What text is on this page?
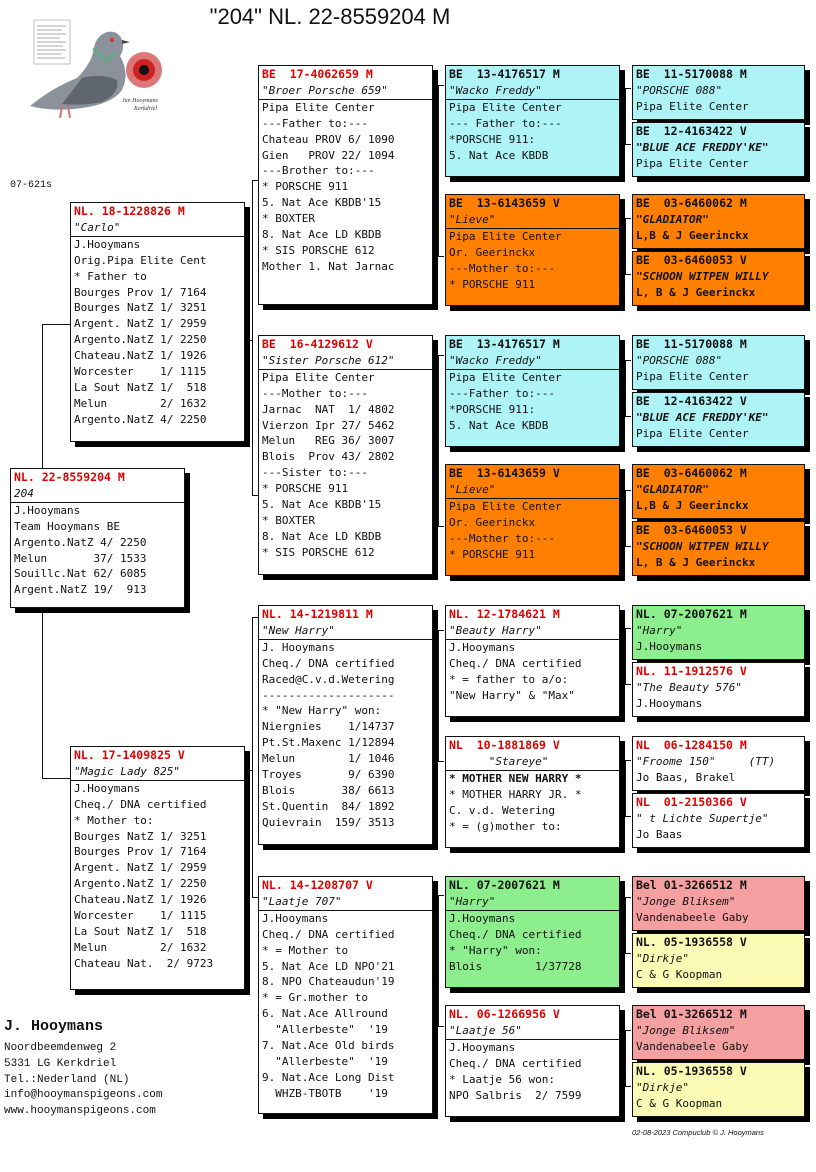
"204" NL. 22-8559204 M
Jan Hooymans
Kerkdriel
07-621s
NL. 22-8559204 M
204
J.Hooymans
Team Hooymans BE
Argento.NatZ 4/ 2250
Melun       37/ 1533
Souillc.Nat 62/ 6085
Argent.NatZ 19/  913
NL. 18-1228826 M
"Carlo"
J.Hooymans
Orig.Pipa Elite Cent
* Father to
Bourges Prov 1/ 7164
Bourges NatZ 1/ 3251
Argent. NatZ 1/ 2959
Argento.NatZ 1/ 2250
Chateau.NatZ 1/ 1926
Worcester    1/ 1115
La Sout NatZ 1/  518
Melun        2/ 1632
Argento.NatZ 4/ 2250
NL. 17-1409825 V
"Magic Lady 825"
J.Hooymans
Cheq./ DNA certified
* Mother to:
Bourges NatZ 1/ 3251
Bourges Prov 1/ 7164
Argent. NatZ 1/ 2959
Argento.NatZ 1/ 2250
Chateau.NatZ 1/ 1926
Worcester    1/ 1115
La Sout NatZ 1/  518
Melun        2/ 1632
Chateau Nat.  2/ 9723
BE  17-4062659 M
"Broer Porsche 659"
Pipa Elite Center
---Father to:---
Chateau PROV 6/ 1090
Gien   PROV 22/ 1094
---Brother to:---
* PORSCHE 911
5. Nat Ace KBDB'15
* BOXTER
8. Nat Ace LD KBDB
* SIS PORSCHE 612
Mother 1. Nat Jarnac
BE  16-4129612 V
"Sister Porsche 612"
Pipa Elite Center
---Mother to:---
Jarnac  NAT  1/ 4802
Vierzon Ipr 27/ 5462
Melun   REG 36/ 3007
Blois  Prov 43/ 2802
---Sister to:---
* PORSCHE 911
5. Nat Ace KBDB'15
* BOXTER
8. Nat Ace LD KBDB
* SIS PORSCHE 612
NL. 14-1219811 M
"New Harry"
J. Hooymans
Cheq./ DNA certified
Raced@C.v.d.Wetering
--------------------
* "New Harry" won:
Niergnies    1/14737
Pt.St.Maxenc 1/12894
Melun        1/ 1046
Troyes       9/ 6390
Blois       38/ 6613
St.Quentin  84/ 1892
Quievrain  159/ 3513
NL. 14-1208707 V
"Laatje 707"
J.Hooymans
Cheq./ DNA certified
* = Mother to
5. Nat Ace LD NPO'21
8. NPO Chateaudun'19
* = Gr.mother to
6. Nat.Ace Allround
"Allerbeste"  '19
7. Nat.Ace Old birds
"Allerbeste"  '19
9. Nat.Ace Long Dist
WHZB-TBOTB    '19
BE  13-4176517 M
"Wacko Freddy"
Pipa Elite Center
--- Father to:---
*PORSCHE 911:
5. Nat Ace KBDB
BE  13-6143659 V
"Lieve"
Pipa Elite Center
Or. Geerinckx
---Mother to:---
* PORSCHE 911
BE  13-4176517 M
"Wacko Freddy"
Pipa Elite Center
---Father to:---
*PORSCHE 911:
5. Nat Ace KBDB
BE  13-6143659 V
"Lieve"
Pipa Elite Center
Or. Geerinckx
---Mother to:---
* PORSCHE 911
NL. 12-1784621 M
"Beauty Harry"
J.Hooymans
Cheq./ DNA certified
* = father to a/o:
"New Harry" & "Max"
NL  10-1881869 V
"Stareye"
* MOTHER NEW HARRY *
* MOTHER HARRY JR. *
C. v.d. Wetering
* = (g)mother to:
NL. 07-2007621 M
"Harry"
J.Hooymans
Cheq./ DNA certified
* "Harry" won:
Blois        1/37728
NL. 06-1266956 V
"Laatje 56"
J.Hooymans
Cheq./ DNA certified
* Laatje 56 won:
NPO Salbris  2/ 7599
BE  11-5170088 M
"PORSCHE 088"
Pipa Elite Center
BE  12-4163422 V
"BLUE ACE FREDDY'KE"
Pipa Elite Center
BE  03-6460062 M
"GLADIATOR"
L,B & J Geerinckx
BE  03-6460053 V
"SCHOON WITPEN WILLY
L, B & J Geerinckx
BE  11-5170088 M
"PORSCHE 088"
Pipa Elite Center
BE  12-4163422 V
"BLUE ACE FREDDY'KE"
Pipa Elite Center
BE  03-6460062 M
"GLADIATOR"
L,B & J Geerinckx
BE  03-6460053 V
"SCHOON WITPEN WILLY
L, B & J Geerinckx
NL. 07-2007621 M
"Harry"
J.Hooymans
NL. 11-1912576 V
"The Beauty 576"
J.Hooymans
NL  06-1284150 M
"Froome 150"     (TT)
Jo Baas, Brakel
NL  01-2150366 V
" t Lichte Supertje"
Jo Baas
Bel 01-3266512 M
"Jonge Bliksem"
Vandenabeele Gaby
NL. 05-1936558 V
"Dirkje"
C & G Koopman
Bel 01-3266512 M
"Jonge Bliksem"
Vandenabeele Gaby
NL. 05-1936558 V
"Dirkje"
C & G Koopman
J. Hooymans
Noordbeemdenweg 2
5331 LG Kerkdriel
Tel.:Nederland (NL)
info@hooymanspigeons.com
www.hooymanspigeons.com
02-08-2023 Compuclub © J. Hooymans
